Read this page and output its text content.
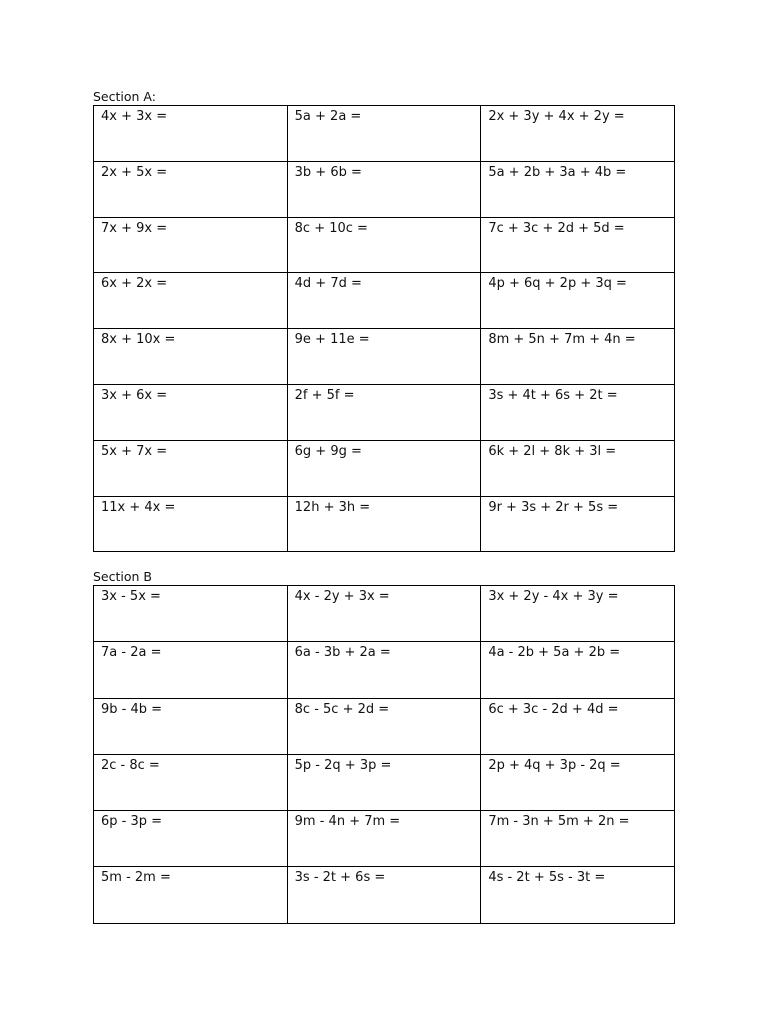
Section A:
4x + 3x =	5a + 2a =	2x + 3y + 4x + 2y =
2x + 5x =	3b + 6b =	5a + 2b + 3a + 4b =
7x + 9x =	8c + 10c =	7c + 3c + 2d + 5d =
6x + 2x =	4d + 7d =	4p + 6q + 2p + 3q =
8x + 10x =	9e + 11e =	8m + 5n + 7m + 4n =
3x + 6x =	2f + 5f =	3s + 4t + 6s + 2t =
5x + 7x =	6g + 9g =	6k + 2l + 8k + 3l =
11x + 4x =	12h + 3h =	9r + 3s + 2r + 5s =
Section B
3x - 5x =	4x - 2y + 3x =	3x + 2y - 4x + 3y =
7a - 2a =	6a - 3b + 2a =	4a - 2b + 5a + 2b =
9b - 4b =	8c - 5c + 2d =	6c + 3c - 2d + 4d =
2c - 8c =	5p - 2q + 3p =	2p + 4q + 3p - 2q =
6p - 3p =	9m - 4n + 7m =	7m - 3n + 5m + 2n =
5m - 2m =	3s - 2t + 6s =	4s - 2t + 5s - 3t =
